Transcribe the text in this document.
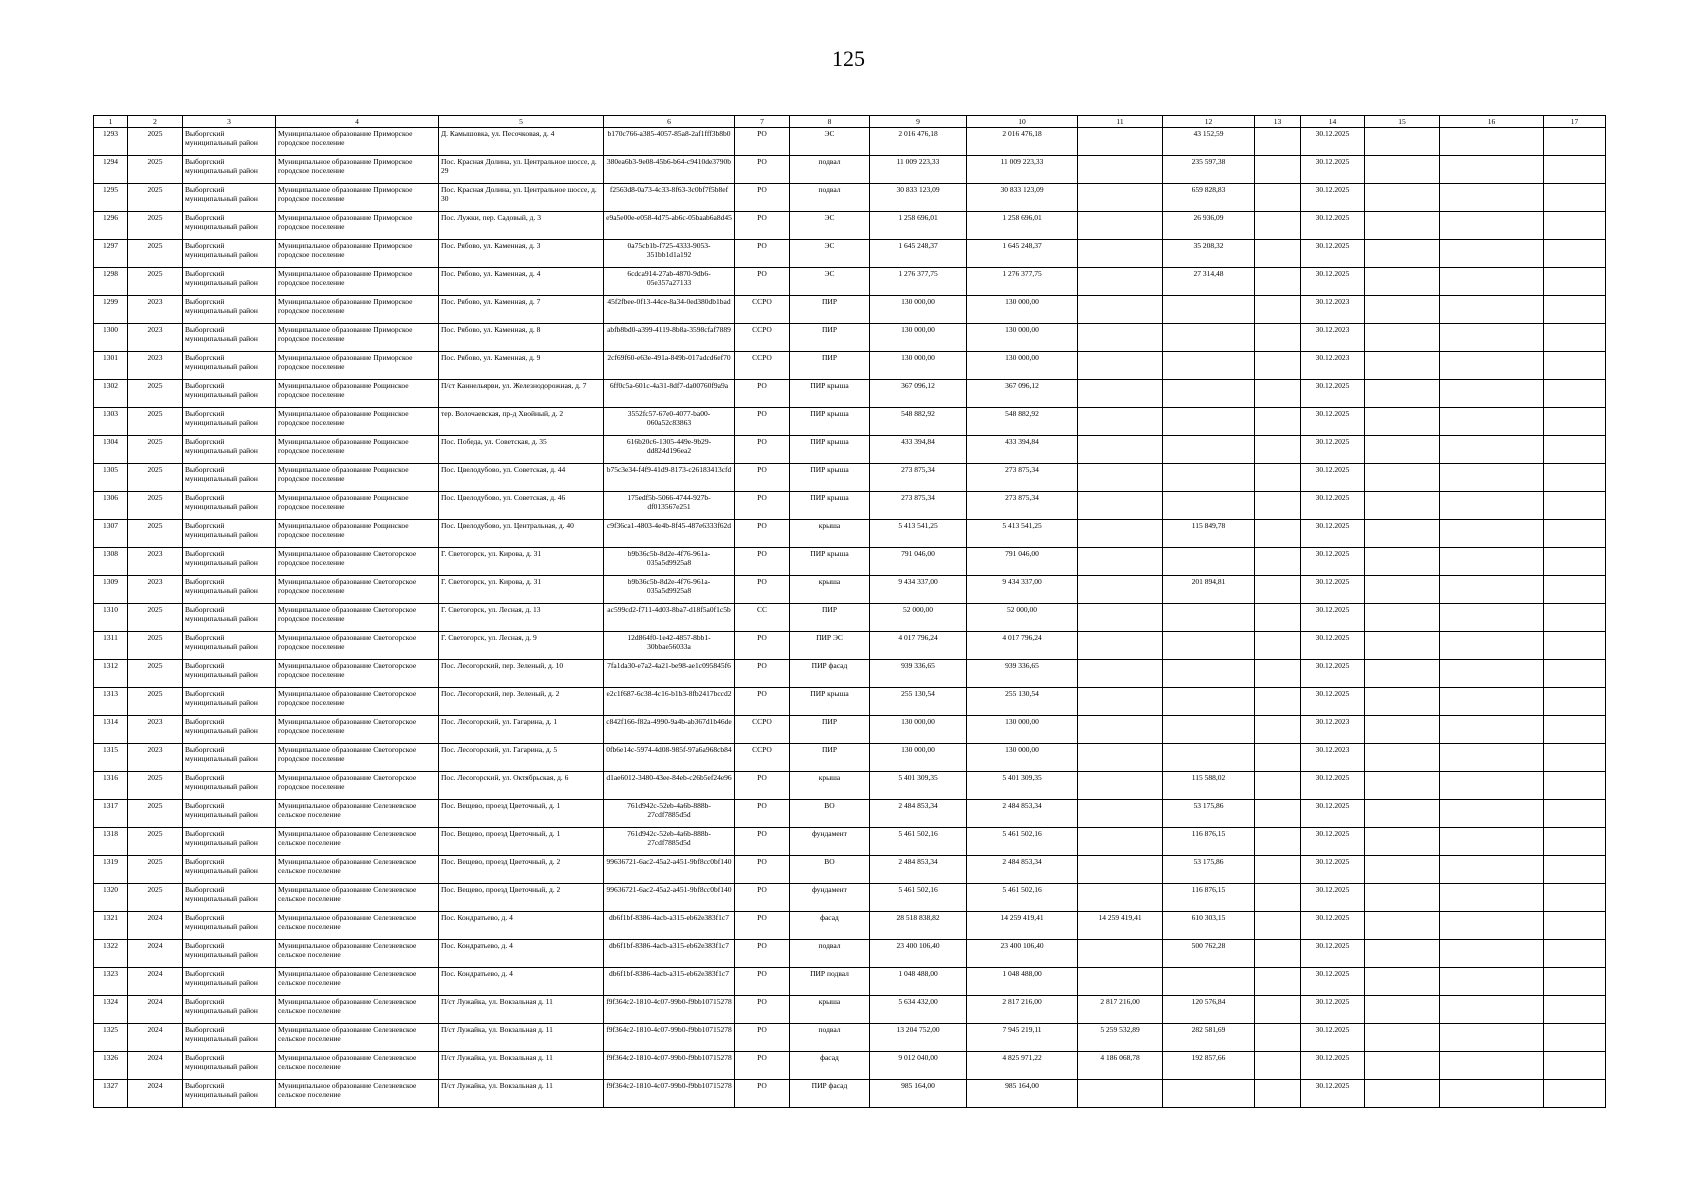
125
1	2	3	4	5	6	7	8	9	10	11	12	13	14	15	16	17
1293	2025	Выборгский муниципальный район	Муниципальное образование Приморское городское поселение	Д. Камышовка, ул. Песочковая, д. 4	b170c766-a385-4057-85a8-2af1fff3b8b0	РО	ЭС	2 016 476,18	2 016 476,18		43 152,59		30.12.2025			
1294	2025	Выборгский муниципальный район	Муниципальное образование Приморское городское поселение	Пос. Красная Долина, ул. Центральное шоссе, д. 29	380ea6b3-9e08-45b6-b64-c9410de3790b	РО	подвал	11 009 223,33	11 009 223,33		235 597,38		30.12.2025			
1295	2025	Выборгский муниципальный район	Муниципальное образование Приморское городское поселение	Пос. Красная Долина, ул. Центральное шоссе, д. 30	f2563d8-0a73-4c33-8f63-3c0bf7f5b8ef	РО	подвал	30 833 123,09	30 833 123,09		659 828,83		30.12.2025			
1296	2025	Выборгский муниципальный район	Муниципальное образование Приморское городское поселение	Пос. Лужки, пер. Садовый, д. 3	e9a5e00e-e058-4d75-ab6c-05baab6a8d45	РО	ЭС	1 258 696,01	1 258 696,01		26 936,09		30.12.2025			
1297	2025	Выборгский муниципальный район	Муниципальное образование Приморское городское поселение	Пос. Рябово, ул. Каменная, д. 3	0a75cb1b-f725-4333-9053-351bb1d1a192	РО	ЭС	1 645 248,37	1 645 248,37		35 208,32		30.12.2025			
1298	2025	Выборгский муниципальный район	Муниципальное образование Приморское городское поселение	Пос. Рябово, ул. Каменная, д. 4	6cdca914-27ab-4870-9db6-05e357a27133	РО	ЭС	1 276 377,75	1 276 377,75		27 314,48		30.12.2025			
1299	2023	Выборгский муниципальный район	Муниципальное образование Приморское городское поселение	Пос. Рябово, ул. Каменная, д. 7	45f2fbee-0f13-44ce-8a34-0ed380db1bad	ССРО	ПИР	130 000,00	130 000,00				30.12.2023			
1300	2023	Выборгский муниципальный район	Муниципальное образование Приморское городское поселение	Пос. Рябово, ул. Каменная, д. 8	abfb8bd0-a399-4119-8b8a-3598cfaf7889	ССРО	ПИР	130 000,00	130 000,00				30.12.2023			
1301	2023	Выборгский муниципальный район	Муниципальное образование Приморское городское поселение	Пос. Рябово, ул. Каменная, д. 9	2cf69f60-e63e-491a-849b-017adcd6ef70	ССРО	ПИР	130 000,00	130 000,00				30.12.2023			
1302	2025	Выборгский муниципальный район	Муниципальное образование Рощинское городское поселение	П/ст Каннельярви, ул. Железнодорожная, д. 7	6ff0c5a-601c-4a31-8df7-da00760f9a9a	РО	ПИР крыша	367 096,12	367 096,12				30.12.2025			
1303	2025	Выборгский муниципальный район	Муниципальное образование Рощинское городское поселение	тер. Волочаевская, пр-д Хвойный, д. 2	3552fc57-67e0-4077-ba00-060a52c83863	РО	ПИР крыша	548 882,92	548 882,92				30.12.2025			
1304	2025	Выборгский муниципальный район	Муниципальное образование Рощинское городское поселение	Пос. Победа, ул. Советская, д. 35	616b20c6-1305-449e-9b29-dd824d196ea2	РО	ПИР крыша	433 394,84	433 394,84				30.12.2025			
1305	2025	Выборгский муниципальный район	Муниципальное образование Рощинское городское поселение	Пос. Цвелодубово, ул. Советская, д. 44	b75c3e34-f4f9-41d9-8173-c26183413cfd	РО	ПИР крыша	273 875,34	273 875,34				30.12.2025			
1306	2025	Выборгский муниципальный район	Муниципальное образование Рощинское городское поселение	Пос. Цвелодубово, ул. Советская, д. 46	175edf5b-5066-4744-927b-df013567e251	РО	ПИР крыша	273 875,34	273 875,34				30.12.2025			
1307	2025	Выборгский муниципальный район	Муниципальное образование Рощинское городское поселение	Пос. Цвелодубово, ул. Центральная, д. 40	c9f36ca1-4803-4e4b-8f45-487e6333f62d	РО	крыша	5 413 541,25	5 413 541,25		115 849,78		30.12.2025			
1308	2023	Выборгский муниципальный район	Муниципальное образование Светогорское городское поселение	Г. Светогорск, ул. Кирова, д. 31	b9b36c5b-8d2e-4f76-961a-035a5d9925a8	РО	ПИР крыша	791 046,00	791 046,00				30.12.2025			
1309	2023	Выборгский муниципальный район	Муниципальное образование Светогорское городское поселение	Г. Светогорск, ул. Кирова, д. 31	b9b36c5b-8d2e-4f76-961a-035a5d9925a8	РО	крыша	9 434 337,00	9 434 337,00		201 894,81		30.12.2025			
1310	2025	Выборгский муниципальный район	Муниципальное образование Светогорское городское поселение	Г. Светогорск, ул. Лесная, д. 13	ac599cd2-f711-4d03-8ba7-d18f5a0f1c5b	СС	ПИР	52 000,00	52 000,00				30.12.2025			
1311	2025	Выборгский муниципальный район	Муниципальное образование Светогорское городское поселение	Г. Светогорск, ул. Лесная, д. 9	12d864f0-1e42-4857-8bb1-30bbae56033a	РО	ПИР ЭС	4 017 796,24	4 017 796,24				30.12.2025			
1312	2025	Выборгский муниципальный район	Муниципальное образование Светогорское городское поселение	Пос. Лесогорский, пер. Зеленый, д. 10	7fa1da30-e7a2-4a21-be98-ae1c095845f6	РО	ПИР фасад	939 336,65	939 336,65				30.12.2025			
1313	2025	Выборгский муниципальный район	Муниципальное образование Светогорское городское поселение	Пос. Лесогорский, пер. Зеленый, д. 2	e2c1f687-6c38-4c16-b1b3-8fb2417bccd2	РО	ПИР крыша	255 130,54	255 130,54				30.12.2025			
1314	2023	Выборгский муниципальный район	Муниципальное образование Светогорское городское поселение	Пос. Лесогорский, ул. Гагарина, д. 1	c842f166-f82a-4990-9a4b-ab367d1b46de	ССРО	ПИР	130 000,00	130 000,00				30.12.2023			
1315	2023	Выборгский муниципальный район	Муниципальное образование Светогорское городское поселение	Пос. Лесогорский, ул. Гагарина, д. 5	0fb6e14c-5974-4d08-985f-97a6a968cb84	ССРО	ПИР	130 000,00	130 000,00				30.12.2023			
1316	2025	Выборгский муниципальный район	Муниципальное образование Светогорское городское поселение	Пос. Лесогорский, ул. Октябрьская, д. 6	d1ae6012-3480-43ee-84eb-c26b5ef24e96	РО	крыша	5 401 309,35	5 401 309,35		115 588,02		30.12.2025			
1317	2025	Выборгский муниципальный район	Муниципальное образование Селезневское сельское поселение	Пос. Вещево, проезд Цветочный, д. 1	761d942c-52eb-4a6b-888b-27cdf7885d5d	РО	ВО	2 484 853,34	2 484 853,34		53 175,86		30.12.2025			
1318	2025	Выборгский муниципальный район	Муниципальное образование Селезневское сельское поселение	Пос. Вещево, проезд Цветочный, д. 1	761d942c-52eb-4a6b-888b-27cdf7885d5d	РО	фундамент	5 461 502,16	5 461 502,16		116 876,15		30.12.2025			
1319	2025	Выборгский муниципальный район	Муниципальное образование Селезневское сельское поселение	Пос. Вещево, проезд Цветочный, д. 2	99636721-6ac2-45a2-a451-9bf8cc0bf140	РО	ВО	2 484 853,34	2 484 853,34		53 175,86		30.12.2025			
1320	2025	Выборгский муниципальный район	Муниципальное образование Селезневское сельское поселение	Пос. Вещево, проезд Цветочный, д. 2	99636721-6ac2-45a2-a451-9bf8cc0bf140	РО	фундамент	5 461 502,16	5 461 502,16		116 876,15		30.12.2025			
1321	2024	Выборгский муниципальный район	Муниципальное образование Селезневское сельское поселение	Пос. Кондратьево, д. 4	db6f1bf-8386-4acb-a315-eb62e383f1c7	РО	фасад	28 518 838,82	14 259 419,41	14 259 419,41	610 303,15		30.12.2025			
1322	2024	Выборгский муниципальный район	Муниципальное образование Селезневское сельское поселение	Пос. Кондратьево, д. 4	db6f1bf-8386-4acb-a315-eb62e383f1c7	РО	подвал	23 400 106,40	23 400 106,40		500 762,28		30.12.2025			
1323	2024	Выборгский муниципальный район	Муниципальное образование Селезневское сельское поселение	Пос. Кондратьево, д. 4	db6f1bf-8386-4acb-a315-eb62e383f1c7	РО	ПИР подвал	1 048 488,00	1 048 488,00				30.12.2025			
1324	2024	Выборгский муниципальный район	Муниципальное образование Селезневское сельское поселение	П/ст Лужайка, ул. Вокзальная д. 11	f9f364c2-1810-4c07-99b0-f9bb10715278	РО	крыша	5 634 432,00	2 817 216,00	2 817 216,00	120 576,84		30.12.2025			
1325	2024	Выборгский муниципальный район	Муниципальное образование Селезневское сельское поселение	П/ст Лужайка, ул. Вокзальная д. 11	f9f364c2-1810-4c07-99b0-f9bb10715278	РО	подвал	13 204 752,00	7 945 219,11	5 259 532,89	282 581,69		30.12.2025			
1326	2024	Выборгский муниципальный район	Муниципальное образование Селезневское сельское поселение	П/ст Лужайка, ул. Вокзальная д. 11	f9f364c2-1810-4c07-99b0-f9bb10715278	РО	фасад	9 012 040,00	4 825 971,22	4 186 068,78	192 857,66		30.12.2025			
1327	2024	Выборгский муниципальный район	Муниципальное образование Селезневское сельское поселение	П/ст Лужайка, ул. Вокзальная д. 11	f9f364c2-1810-4c07-99b0-f9bb10715278	РО	ПИР фасад	985 164,00	985 164,00				30.12.2025			
